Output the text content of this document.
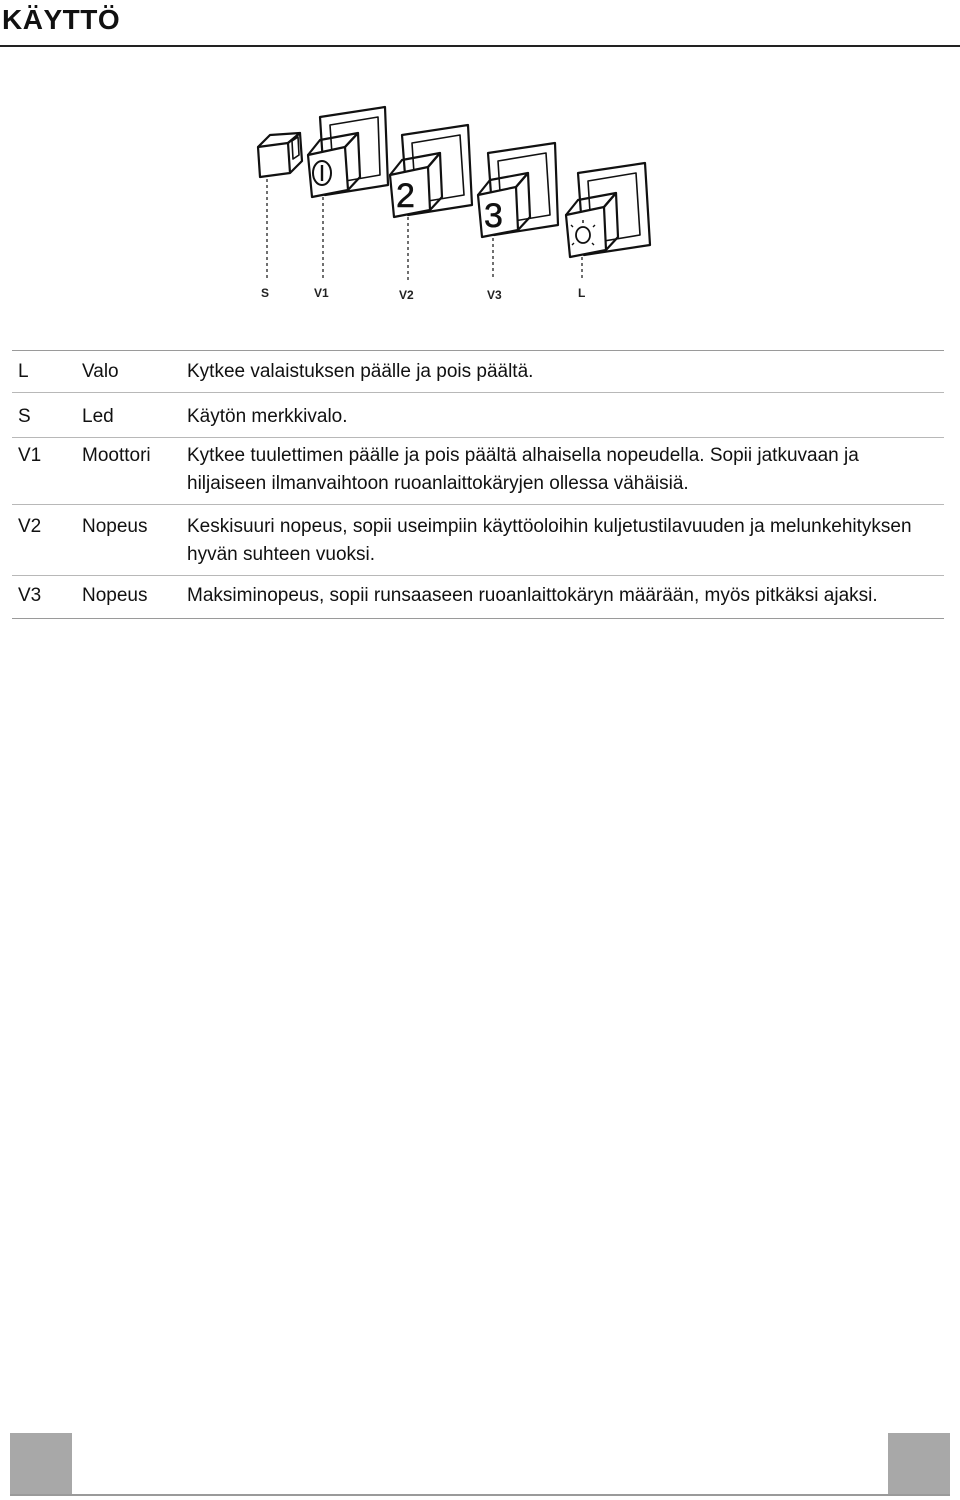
KÄYTTÖ
2
3
S	V1	V2	V3	L
L	Valo	Kytkee valaistuksen päälle ja pois päältä.
S	Led	Käytön merkkivalo.
V1	Moottori	Kytkee tuulettimen päälle ja pois päältä alhaisella nopeudella. Sopii jatkuvaan ja hiljaiseen ilmanvaihtoon ruoanlaittokäryjen ollessa vähäisiä.
V2	Nopeus	Keskisuuri nopeus, sopii useimpiin käyttöoloihin kuljetustilavuuden ja melunkehityksen hyvän suhteen vuoksi.
V3	Nopeus	Maksiminopeus, sopii runsaaseen ruoanlaittokäryn määrään, myös pitkäksi ajaksi.
